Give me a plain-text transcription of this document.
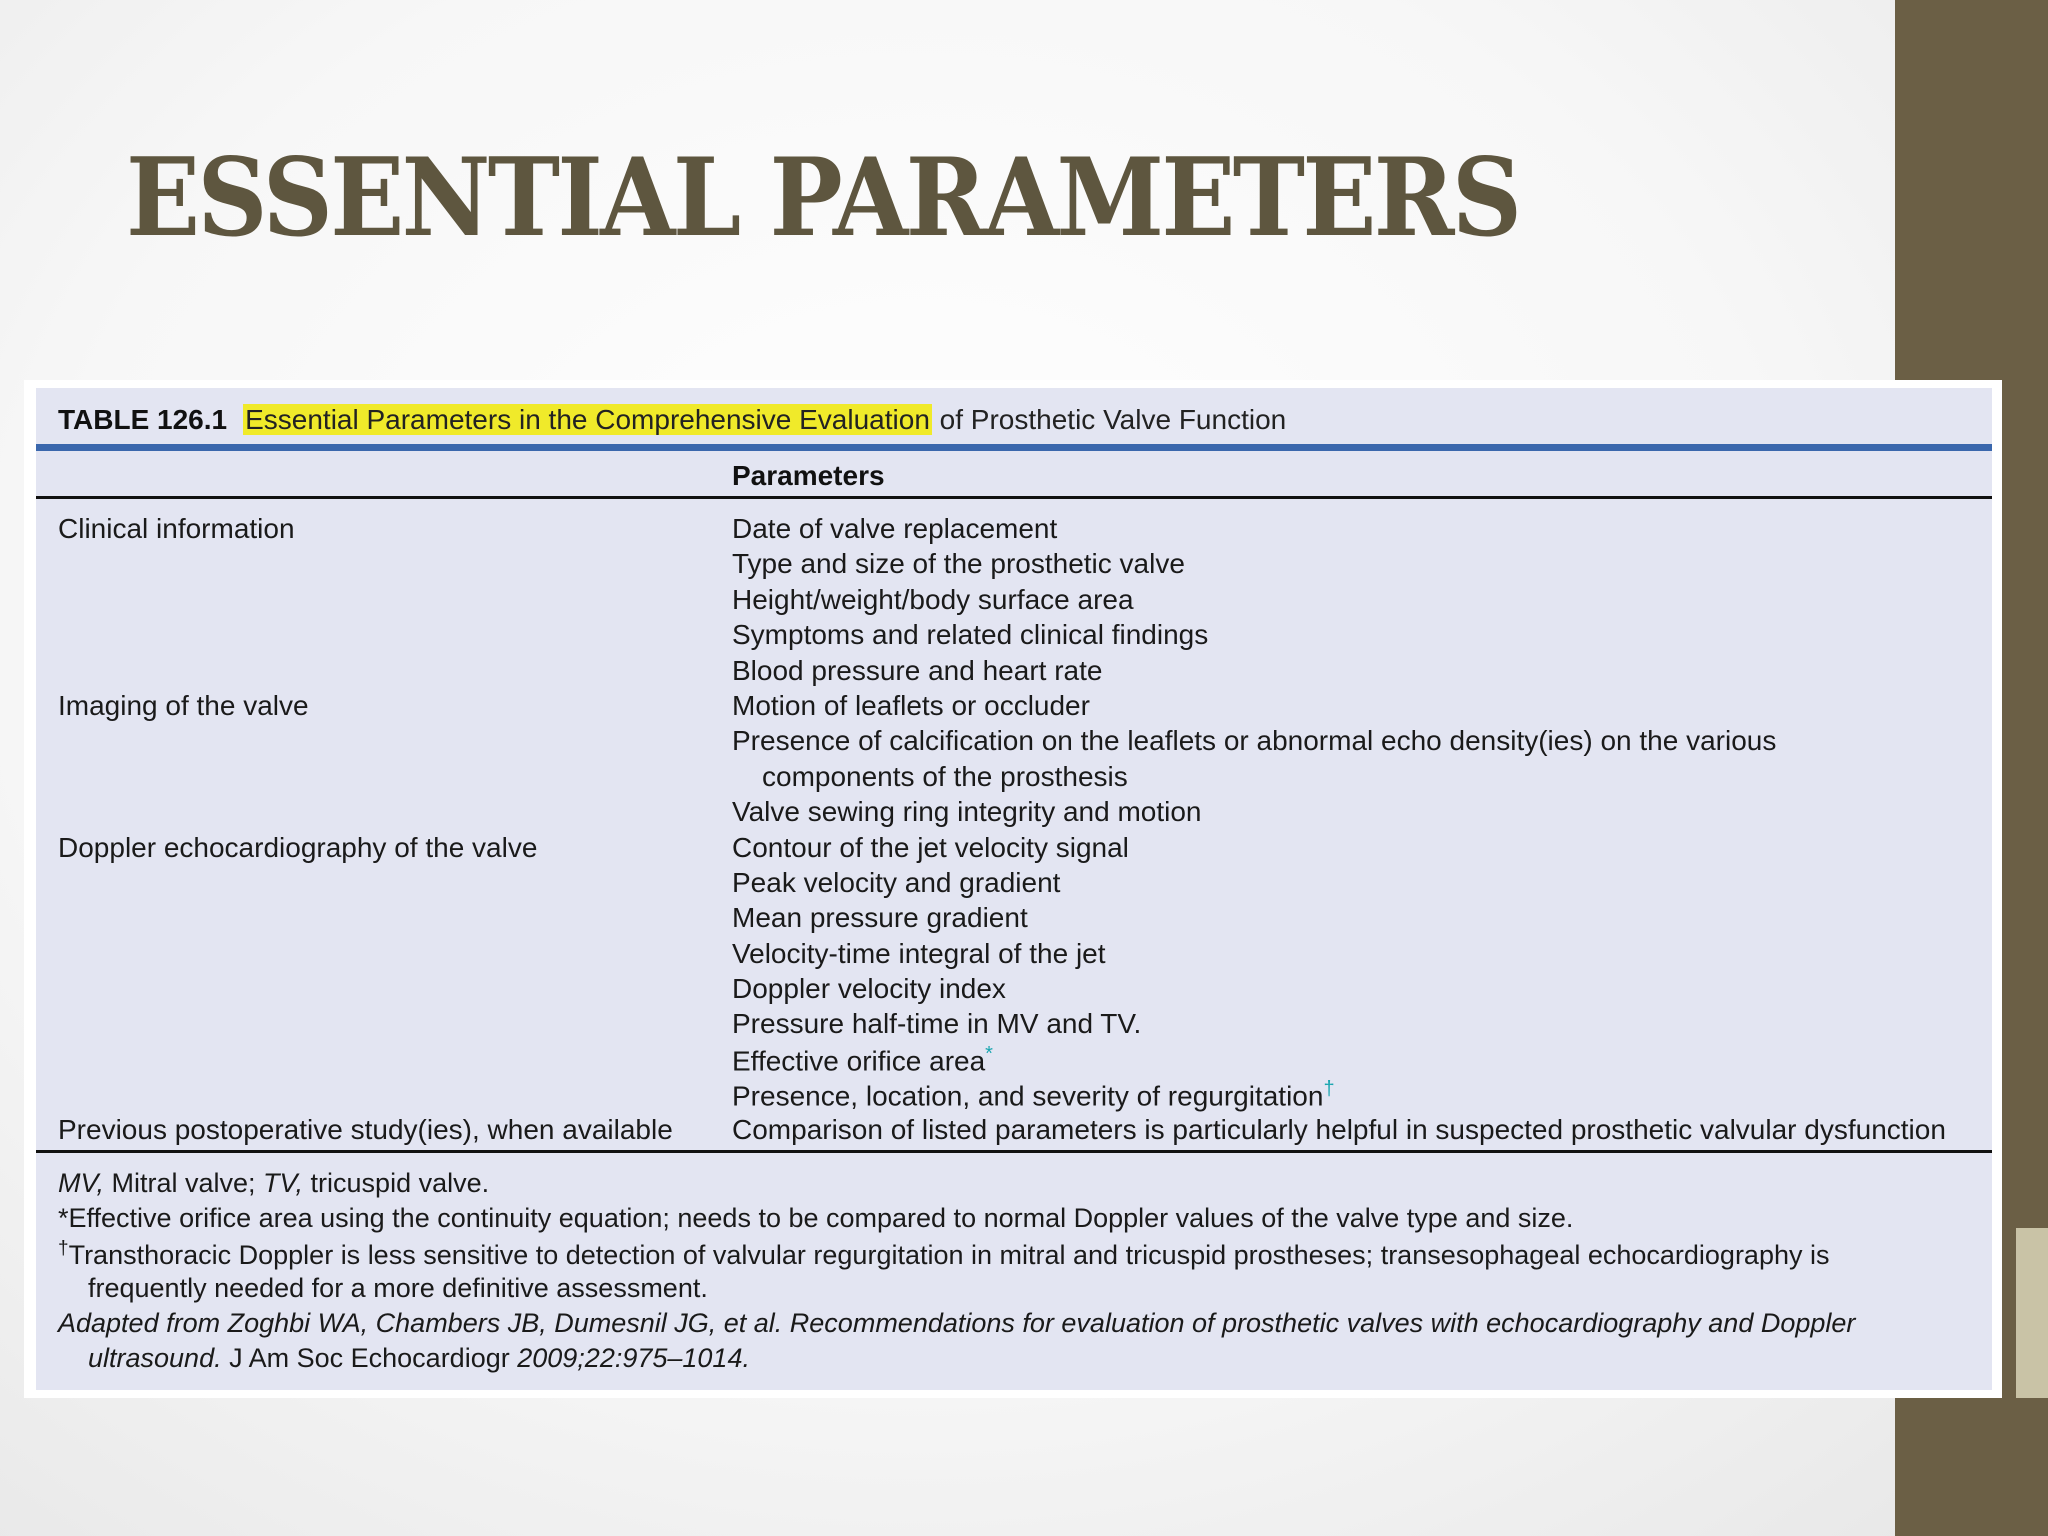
ESSENTIAL PARAMETERS
TABLE 126.1 Essential Parameters in the Comprehensive Evaluation of Prosthetic Valve Function
Parameters
Clinical information
Imaging of the valve
Doppler echocardiography of the valve
Previous postoperative study(ies), when available
Date of valve replacement
Type and size of the prosthetic valve
Height/weight/body surface area
Symptoms and related clinical findings
Blood pressure and heart rate
Motion of leaflets or occluder
Presence of calcification on the leaflets or abnormal echo density(ies) on the various
components of the prosthesis
Valve sewing ring integrity and motion
Contour of the jet velocity signal
Peak velocity and gradient
Mean pressure gradient
Velocity-time integral of the jet
Doppler velocity index
Pressure half-time in MV and TV.
Effective orifice area*
Presence, location, and severity of regurgitation†
Comparison of listed parameters is particularly helpful in suspected prosthetic valvular dysfunction
MV, Mitral valve; TV, tricuspid valve.
*Effective orifice area using the continuity equation; needs to be compared to normal Doppler values of the valve type and size.
†Transthoracic Doppler is less sensitive to detection of valvular regurgitation in mitral and tricuspid prostheses; transesophageal echocardiography is
frequently needed for a more definitive assessment.
Adapted from Zoghbi WA, Chambers JB, Dumesnil JG, et al. Recommendations for evaluation of prosthetic valves with echocardiography and Doppler
ultrasound. J Am Soc Echocardiogr 2009;22:975–1014.
